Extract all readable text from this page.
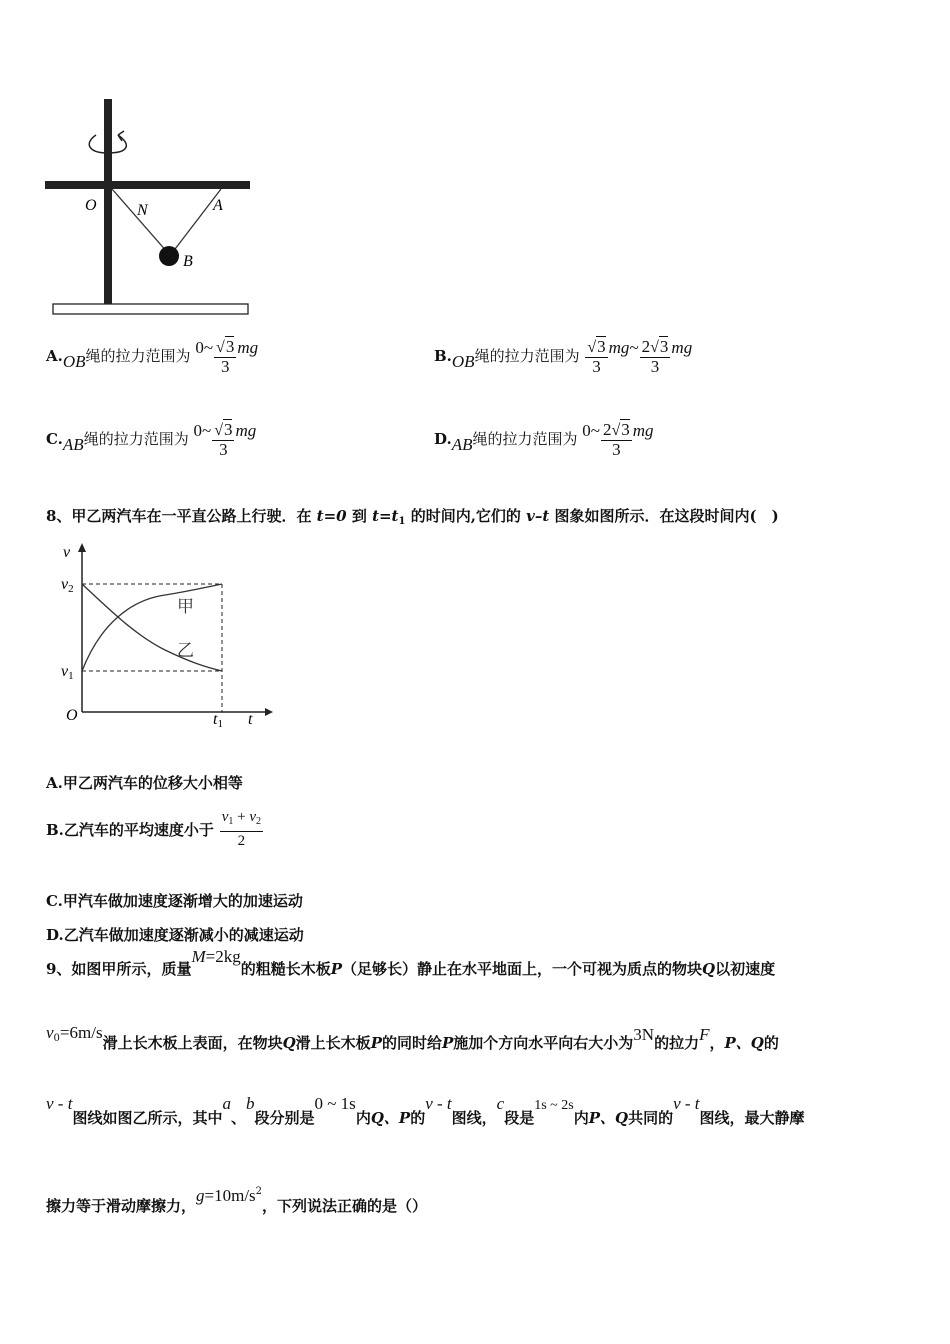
O	N	A
B
A.OB绳的拉力范围为 0~ $\frac{√3}{3}$ mg	B.OB绳的拉力范围为 $\frac{√3}{3}$ mg~ $\frac{2√3}{3}$ mg
C.AB绳的拉力范围为 0~ $\frac{√3}{3}$ mg	D.AB绳的拉力范围为 0~ $\frac{2√3}{3}$ mg
8、甲乙两汽车在一平直公路上行驶．在 t=0 到 $t=t_1$ 的时间内,它们的 v–t 图象如图所示．在这段时间内(　)
v
v2
v1
O	t1 t
甲
乙
A.甲乙两汽车的位移大小相等
B.乙汽车的平均速度小于 $\frac{v_1 + v_2}{2}$
C.甲汽车做加速度逐渐增大的加速运动
D.乙汽车做加速度逐渐减小的减速运动
9、如图甲所示，质量M=2kg的粗糙长木板P（足够长）静止在水平地面上，一个可视为质点的物块Q以初速度
$v^0=6m/s$滑上长木板上表面，在物块Q滑上长木板P的同时给P施加个方向水平向右大小为3N的拉力F，P、Q的
v - t图线如图乙所示，其中a、b段分别是0 ~ 1s内Q、P的v - t图线，c段是1s ~ 2s内P、Q共同的v - t图线，最大静摩
擦力等于滑动摩擦力，$g=10m/s^2$，下列说法正确的是（）
